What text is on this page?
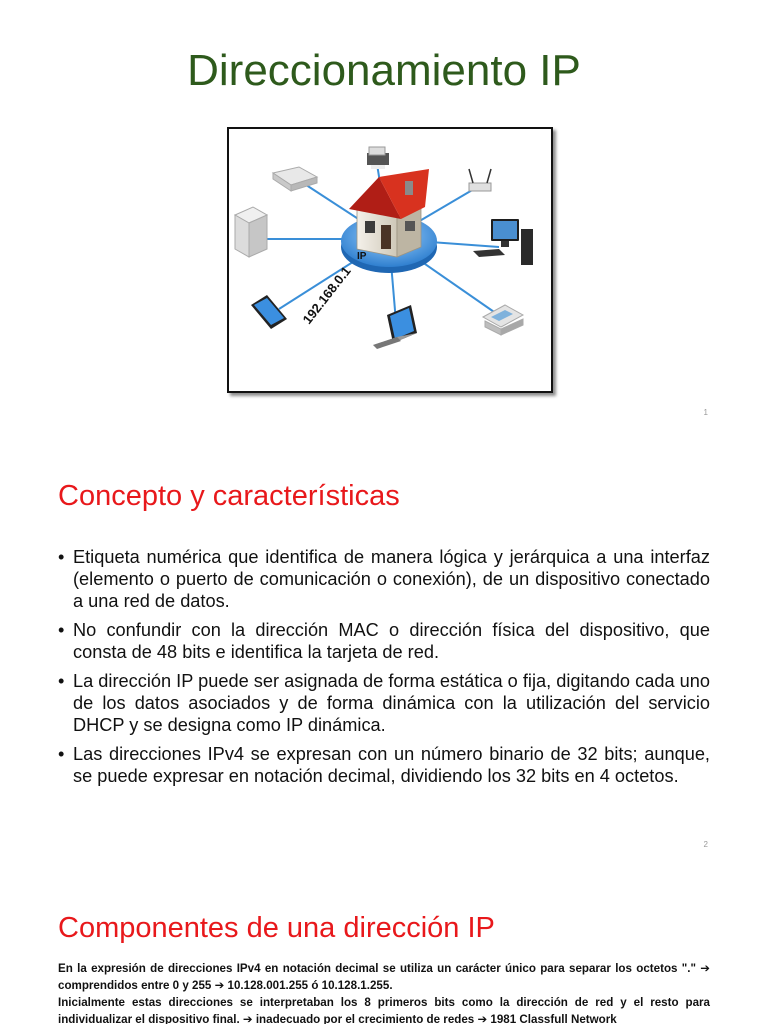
Direccionamiento IP
IP
192.168.0.1
1
Concepto y características
• Etiqueta numérica que identifica de manera lógica y jerárquica a una interfaz (elemento o puerto de comunicación o conexión), de un dispositivo conectado a una red de datos.
• No confundir con la dirección MAC o dirección física del dispositivo, que consta de 48 bits e identifica la tarjeta de red.
• La dirección IP puede ser asignada de forma estática o fija, digitando cada uno de los datos asociados y de forma dinámica con la utilización del servicio DHCP y se designa como IP dinámica.
• Las direcciones IPv4 se expresan con un número binario de 32 bits; aunque, se puede expresar en notación decimal, dividiendo los 32 bits en 4 octetos.
2
Componentes de una dirección IP

En la expresión de direcciones IPv4 en notación decimal se utiliza un carácter único para separar los octetos "." ➔ comprendidos entre 0 y 255 ➔ 10.128.001.255 ó 10.128.1.255.

Inicialmente estas direcciones se interpretaban los 8 primeros bits como la dirección de red y el resto para individualizar el dispositivo final. ➔ inadecuado por el crecimiento de redes ➔ 1981 Classfull Network
